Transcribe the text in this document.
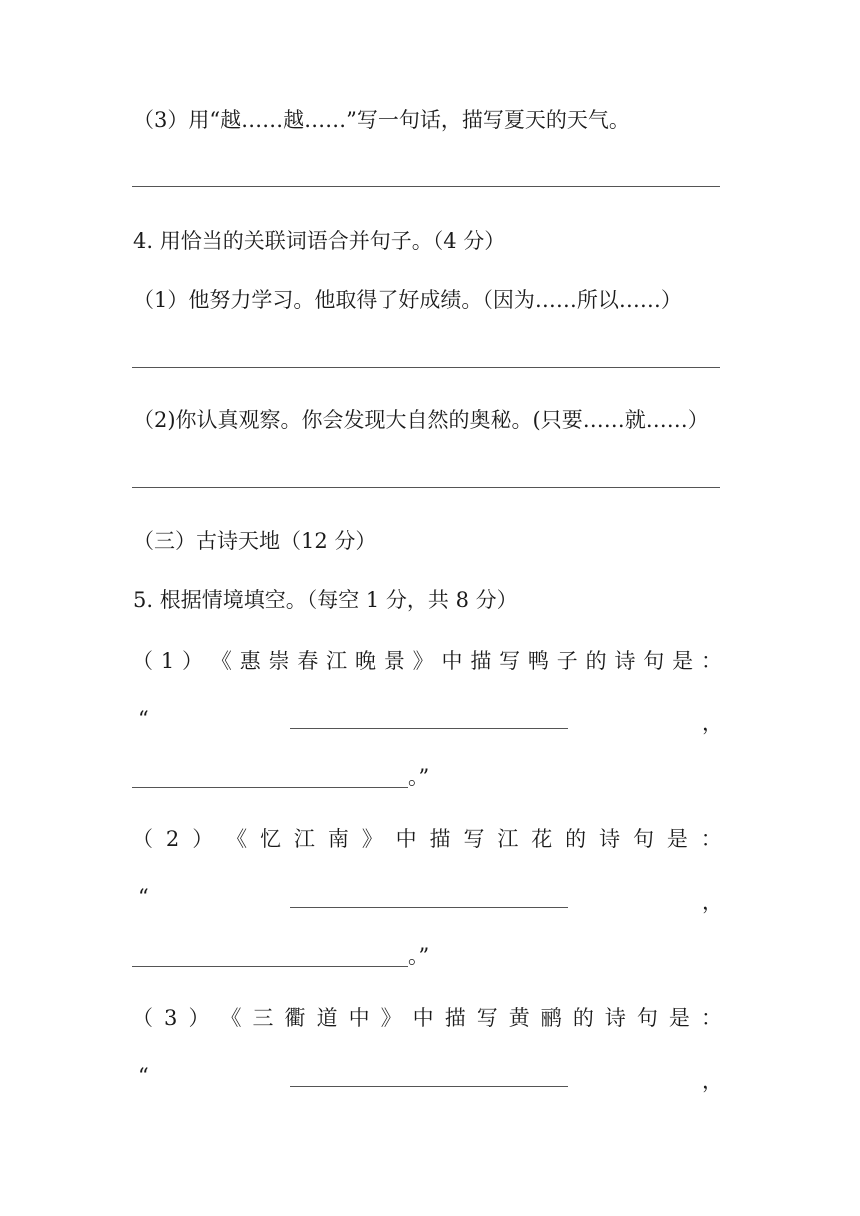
（3）用“越……越……”写一句话，描写夏天的天气。
4. 用恰当的关联词语合并句子。（4 分）
（1）他努力学习。他取得了好成绩。（因为……所以……）
（2)你认真观察。你会发现大自然的奥秘。(只要……就……）
（三）古诗天地（12 分）
5. 根据情境填空。（每空 1 分，共 8 分）
（ 1 ） 《 惠 崇 春 江 晚 景 》 中 描 写 鸭 子 的 诗 句 是 ：
“	，
。”
（ 2 ） 《 忆 江 南 》 中 描 写 江 花 的 诗 句 是 ：
“	，
。”
（ 3 ） 《 三 衢 道 中 》 中 描 写 黄 鹂 的 诗 句 是 ：
“	，
